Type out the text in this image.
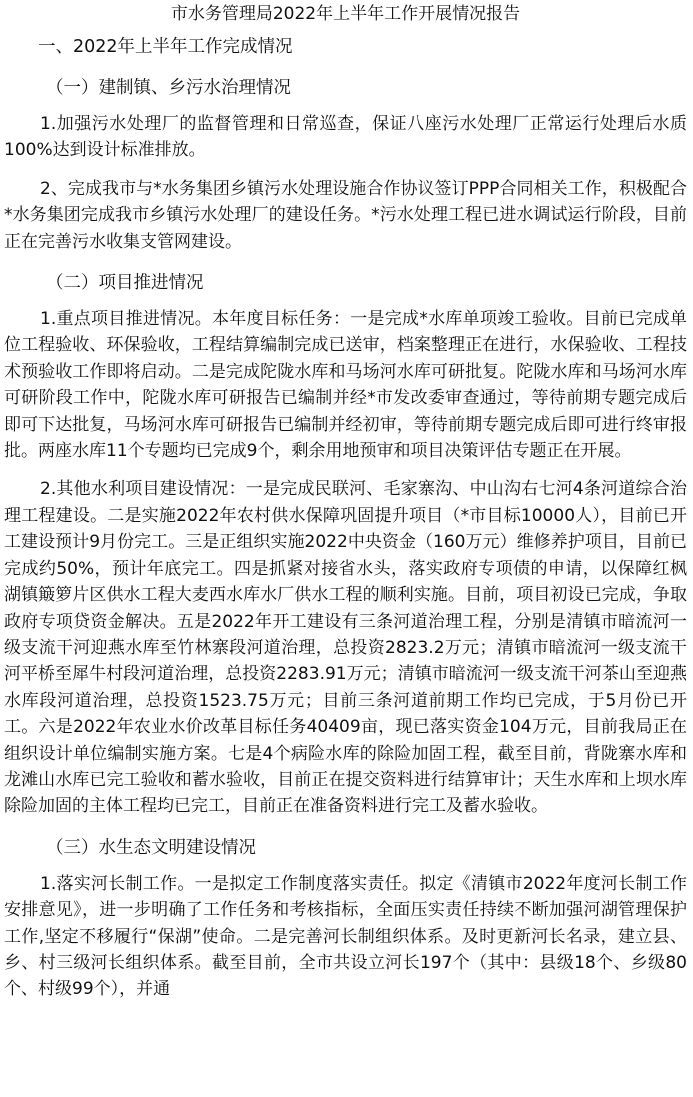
市水务管理局2022年上半年工作开展情况报告
一、2022年上半年工作完成情况
（一）建制镇、乡污水治理情况

1.加强污水处理厂的监督管理和日常巡查，保证八座污水处理厂正常运行处理后水质100%达到设计标准排放。

2、完成我市与*水务集团乡镇污水处理设施合作协议签订PPP合同相关工作，积极配合*水务集团完成我市乡镇污水处理厂的建设任务。*污水处理工程已进水调试运行阶段，目前正在完善污水收集支管网建设。

（二）项目推进情况

1.重点项目推进情况。本年度目标任务：一是完成*水库单项竣工验收。目前已完成单位工程验收、环保验收，工程结算编制完成已送审，档案整理正在进行，水保验收、工程技术预验收工作即将启动。二是完成陀陇水库和马场河水库可研批复。陀陇水库和马场河水库可研阶段工作中，陀陇水库可研报告已编制并经*市发改委审查通过，等待前期专题完成后即可下达批复，马场河水库可研报告已编制并经初审，等待前期专题完成后即可进行终审报批。两座水库11个专题均已完成9个，剩余用地预审和项目决策评估专题正在开展。

2.其他水利项目建设情况：一是完成民联河、毛家寨沟、中山沟右七河4条河道综合治理工程建设。二是实施2022年农村供水保障巩固提升项目（*市目标10000人），目前已开工建设预计9月份完工。三是正组织实施2022中央资金（160万元）维修养护项目，目前已完成约50%，预计年底完工。四是抓紧对接省水头，落实政府专项债的申请，以保障红枫湖镇簸箩片区供水工程大麦西水库水厂供水工程的顺利实施。目前，项目初设已完成，争取政府专项贷资金解决。五是2022年开工建设有三条河道治理工程，分别是清镇市暗流河一级支流干河迎燕水库至竹林寨段河道治理，总投资2823.2万元；清镇市暗流河一级支流干河平桥至犀牛村段河道治理，总投资2283.91万元；清镇市暗流河一级支流干河茶山至迎燕水库段河道治理，总投资1523.75万元；目前三条河道前期工作均已完成，于5月份已开工。六是2022年农业水价改革目标任务40409亩，现已落实资金104万元，目前我局正在组织设计单位编制实施方案。七是4个病险水库的除险加固工程，截至目前，背陇寨水库和龙滩山水库已完工验收和蓄水验收，目前正在提交资料进行结算审计；天生水库和上坝水库除险加固的主体工程均已完工，目前正在准备资料进行完工及蓄水验收。

（三）水生态文明建设情况

1.落实河长制工作。一是拟定工作制度落实责任。拟定《清镇市2022年度河长制工作安排意见》，进一步明确了工作任务和考核指标，全面压实责任持续不断加强河湖管理保护工作,坚定不移履行“保湖”使命。二是完善河长制组织体系。及时更新河长名录，建立县、乡、村三级河长组织体系。截至目前，全市共设立河长197个（其中：县级18个、乡级80个、村级99个），并通
